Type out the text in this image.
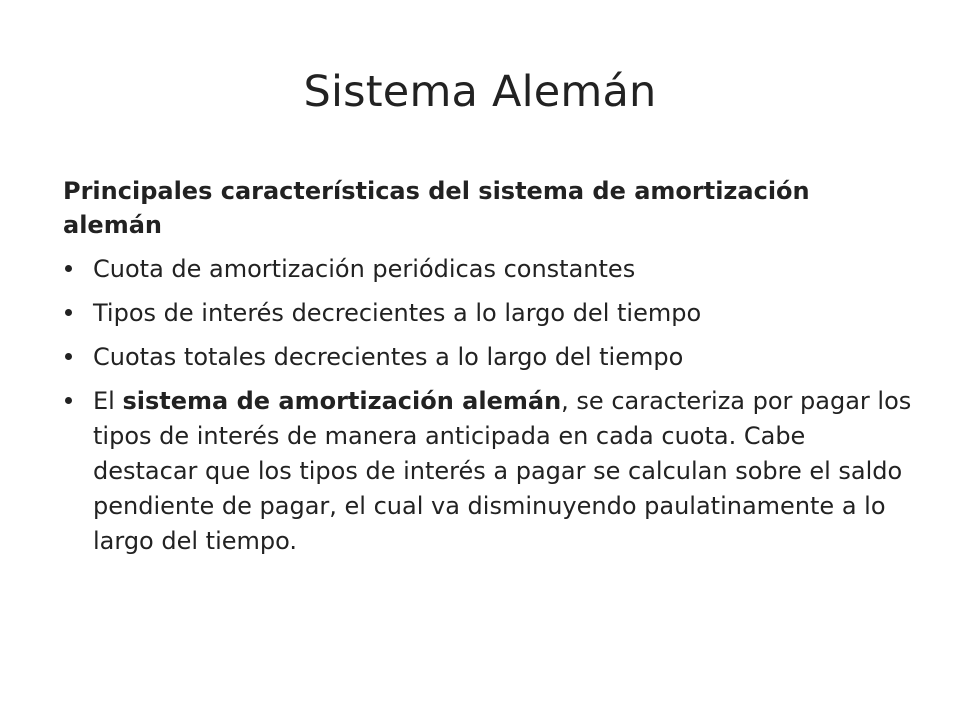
Sistema Alemán
Principales características del sistema de amortización alemán
Cuota de amortización periódicas constantes
Tipos de interés decrecientes a lo largo del tiempo
Cuotas totales decrecientes a lo largo del tiempo
El sistema de amortización alemán, se caracteriza por pagar los tipos de interés de manera anticipada en cada cuota. Cabe destacar que los tipos de interés a pagar se calculan sobre el saldo pendiente de pagar, el cual va disminuyendo paulatinamente a lo largo del tiempo.
